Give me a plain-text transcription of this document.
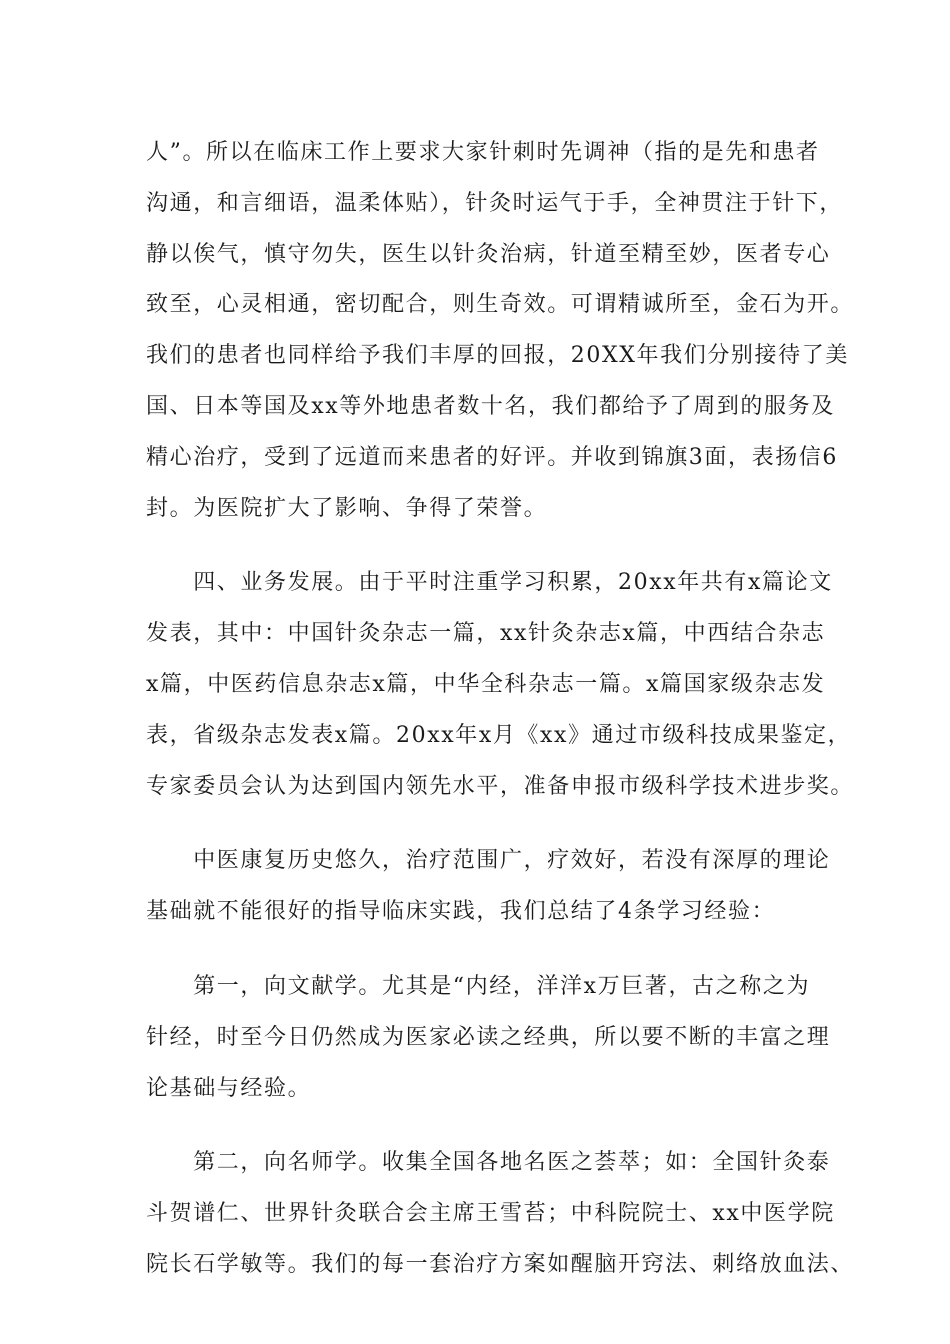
人”。所以在临床工作上要求大家针刺时先调神（指的是先和患者
沟通，和言细语，温柔体贴），针灸时运气于手，全神贯注于针下，
静以俟气，慎守勿失，医生以针灸治病，针道至精至妙，医者专心
致至，心灵相通，密切配合，则生奇效。可谓精诚所至，金石为开。
我们的患者也同样给予我们丰厚的回报，20XX年我们分别接待了美
国、日本等国及xx等外地患者数十名，我们都给予了周到的服务及
精心治疗，受到了远道而来患者的好评。并收到锦旗3面，表扬信6
封。为医院扩大了影响、争得了荣誉。
　　四、业务发展。由于平时注重学习积累，20xx年共有x篇论文
发表，其中：中国针灸杂志一篇，xx针灸杂志x篇，中西结合杂志
x篇，中医药信息杂志x篇，中华全科杂志一篇。x篇国家级杂志发
表，省级杂志发表x篇。20xx年x月《xx》通过市级科技成果鉴定，
专家委员会认为达到国内领先水平，准备申报市级科学技术进步奖。
　　中医康复历史悠久，治疗范围广，疗效好，若没有深厚的理论
基础就不能很好的指导临床实践，我们总结了4条学习经验：
　　第一，向文献学。尤其是“内经，洋洋x万巨著，古之称之为
针经，时至今日仍然成为医家必读之经典，所以要不断的丰富之理
论基础与经验。
　　第二，向名师学。收集全国各地名医之荟萃；如：全国针灸泰
斗贺谱仁、世界针灸联合会主席王雪苔；中科院院士、xx中医学院
院长石学敏等。我们的每一套治疗方案如醒脑开窍法、刺络放血法、
